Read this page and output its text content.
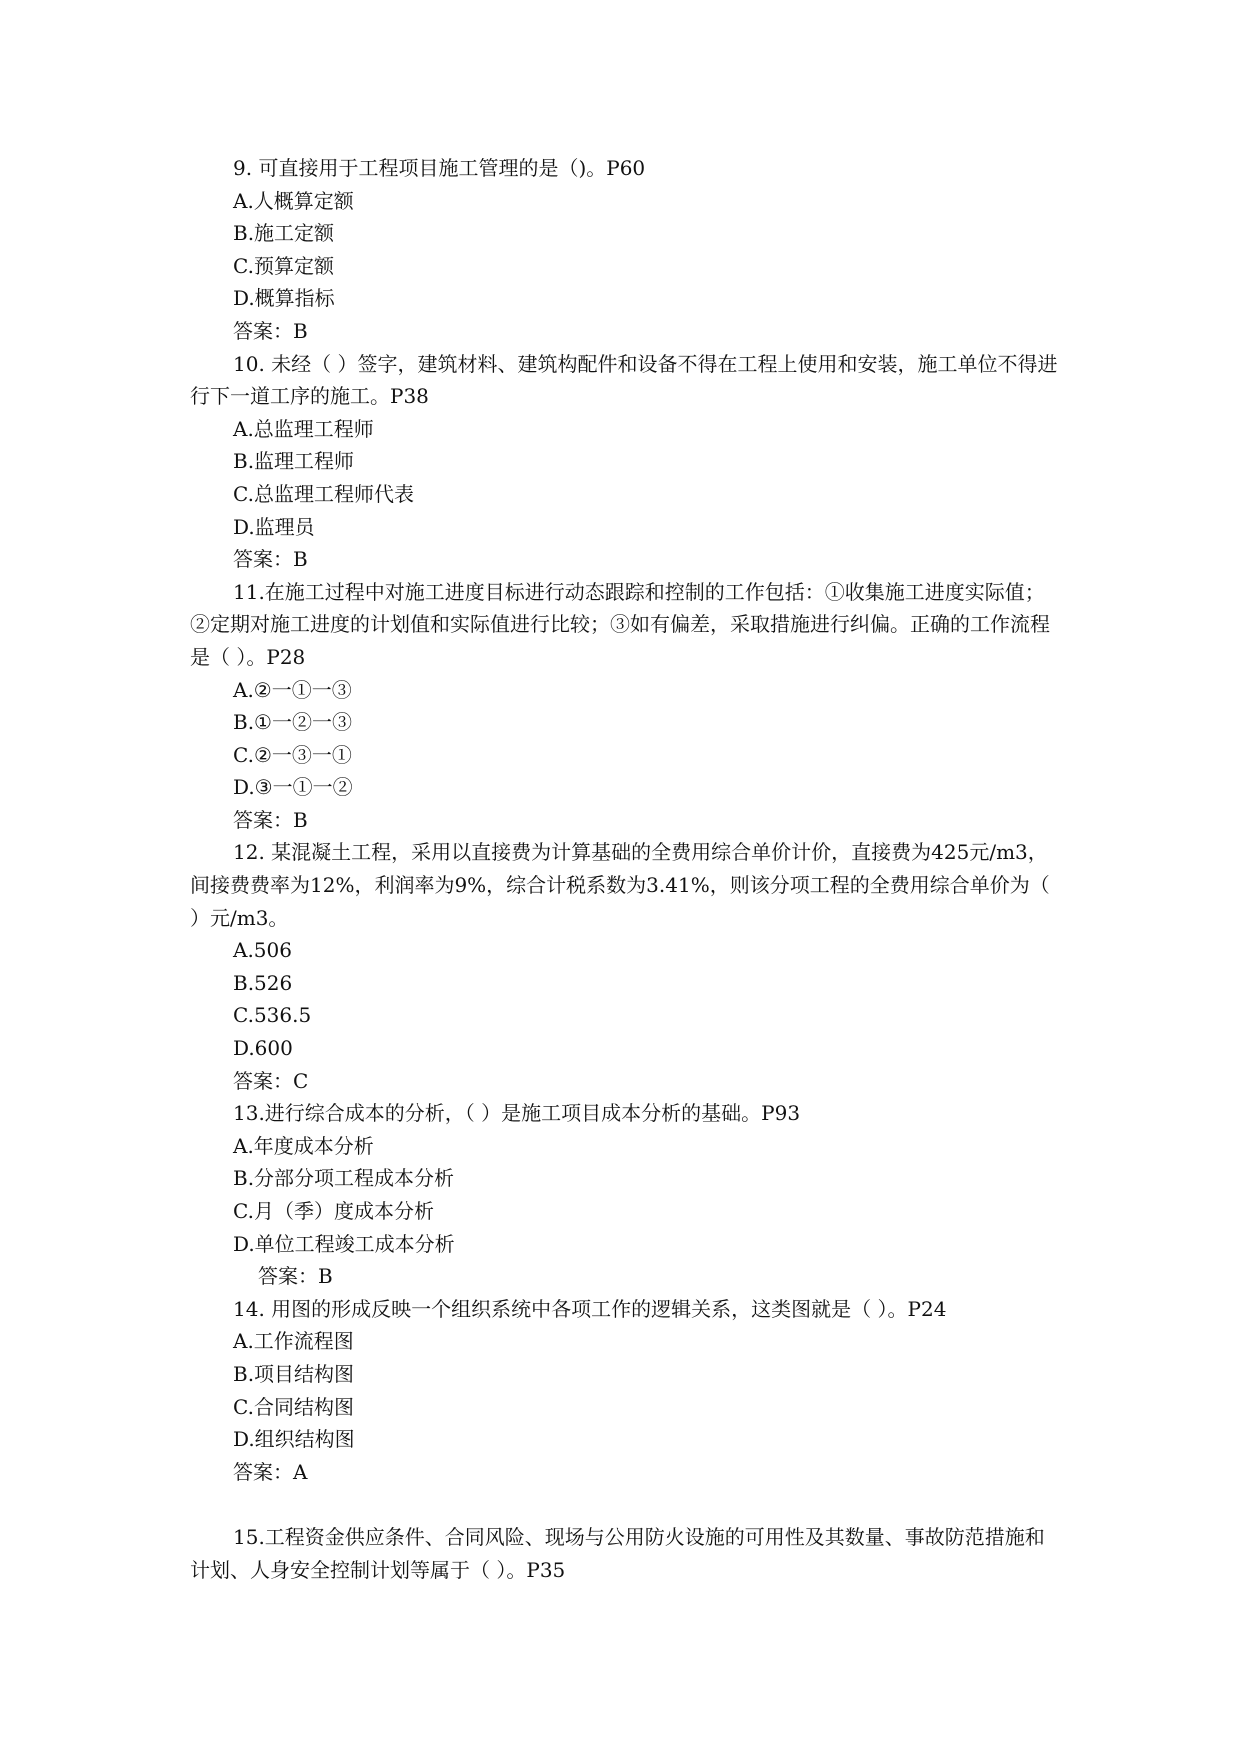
9. 可直接用于工程项目施工管理的是（)。P60

A.人概算定额

B.施工定额

C.预算定额

D.概算指标

答案：B

10. 未经（ ）签字，建筑材料、建筑构配件和设备不得在工程上使用和安装，施工单位不得进行下一道工序的施工。P38

A.总监理工程师

B.监理工程师

C.总监理工程师代表

D.监理员

答案：B

11.在施工过程中对施工进度目标进行动态跟踪和控制的工作包括：①收集施工进度实际值；②定期对施工进度的计划值和实际值进行比较；③如有偏差，采取措施进行纠偏。正确的工作流程是（ ）。P28

A.②一①一③

B.①一②一③

C.②一③一①

D.③一①一②

答案：B

12. 某混凝土工程，采用以直接费为计算基础的全费用综合单价计价，直接费为425元/m3，间接费费率为12%，利润率为9%，综合计税系数为3.41%，则该分项工程的全费用综合单价为（ ）元/m3。

A.506

B.526

C.536.5

D.600

答案：C

13.进行综合成本的分析，（ ）是施工项目成本分析的基础。P93

A.年度成本分析

B.分部分项工程成本分析

C.月（季）度成本分析

D.单位工程竣工成本分析

答案：B

14. 用图的形成反映一个组织系统中各项工作的逻辑关系，这类图就是（ ）。P24

A.工作流程图

B.项目结构图

C.合同结构图

D.组织结构图

答案：A

15.工程资金供应条件、合同风险、现场与公用防火设施的可用性及其数量、事故防范措施和计划、人身安全控制计划等属于（ ）。P35
